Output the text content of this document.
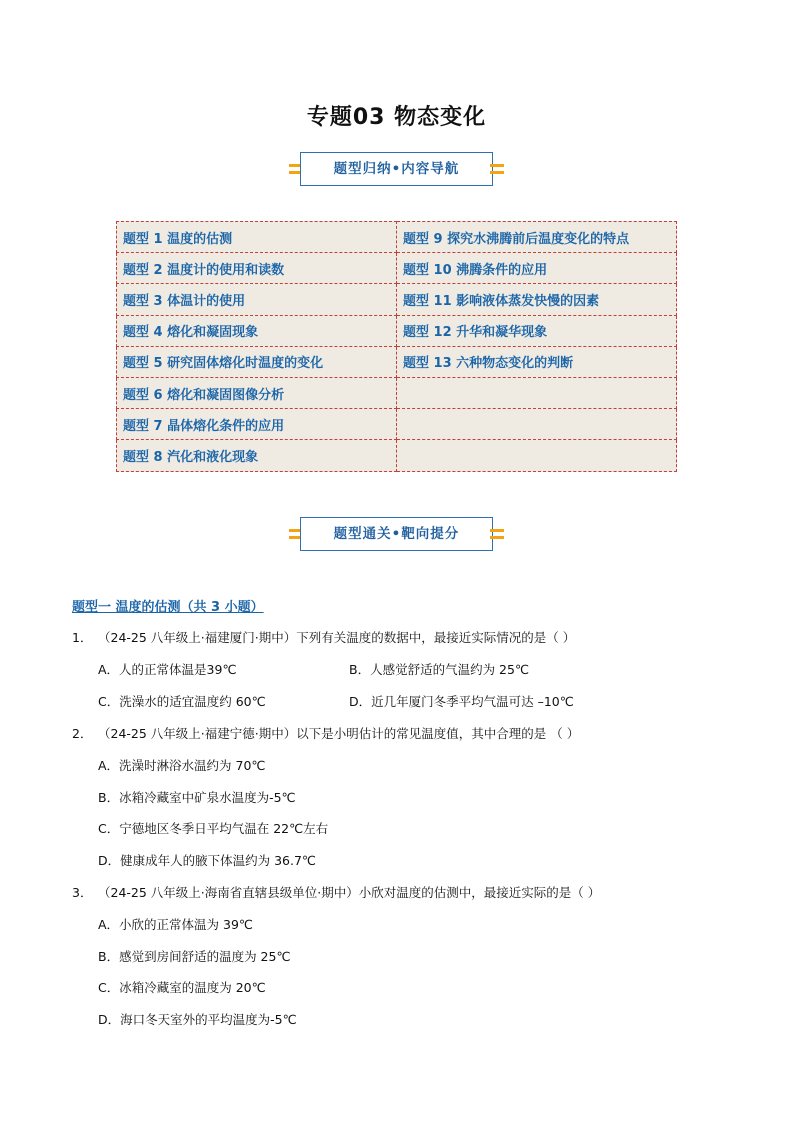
专题03 物态变化
题型归纳•内容导航
题型 1 温度的估测	题型 9 探究水沸腾前后温度变化的特点
题型 2 温度计的使用和读数	题型 10 沸腾条件的应用
题型 3 体温计的使用	题型 11 影响液体蒸发快慢的因素
题型 4 熔化和凝固现象	题型 12 升华和凝华现象
题型 5 研究固体熔化时温度的变化	题型 13 六种物态变化的判断
题型 6 熔化和凝固图像分析	
题型 7 晶体熔化条件的应用	
题型 8 汽化和液化现象	
题型通关•靶向提分
题型一 温度的估测（共 3 小题）
1． （24-25 八年级上·福建厦门·期中）下列有关温度的数据中，最接近实际情况的是（ ）
A．人的正常体温是39℃	B．人感觉舒适的气温约为 25℃
C．洗澡水的适宜温度约 60℃	D．近几年厦门冬季平均气温可达 –10℃
2． （24-25 八年级上·福建宁德·期中）以下是小明估计的常见温度值，其中合理的是 （ ）
A．洗澡时淋浴水温约为 70℃
B．冰箱冷藏室中矿泉水温度为-5℃
C．宁德地区冬季日平均气温在 22℃左右
D．健康成年人的腋下体温约为 36.7℃
3． （24-25 八年级上·海南省直辖县级单位·期中）小欣对温度的估测中，最接近实际的是（ ）
A．小欣的正常体温为 39℃
B．感觉到房间舒适的温度为 25℃
C．冰箱冷藏室的温度为 20℃
D．海口冬天室外的平均温度为-5℃
